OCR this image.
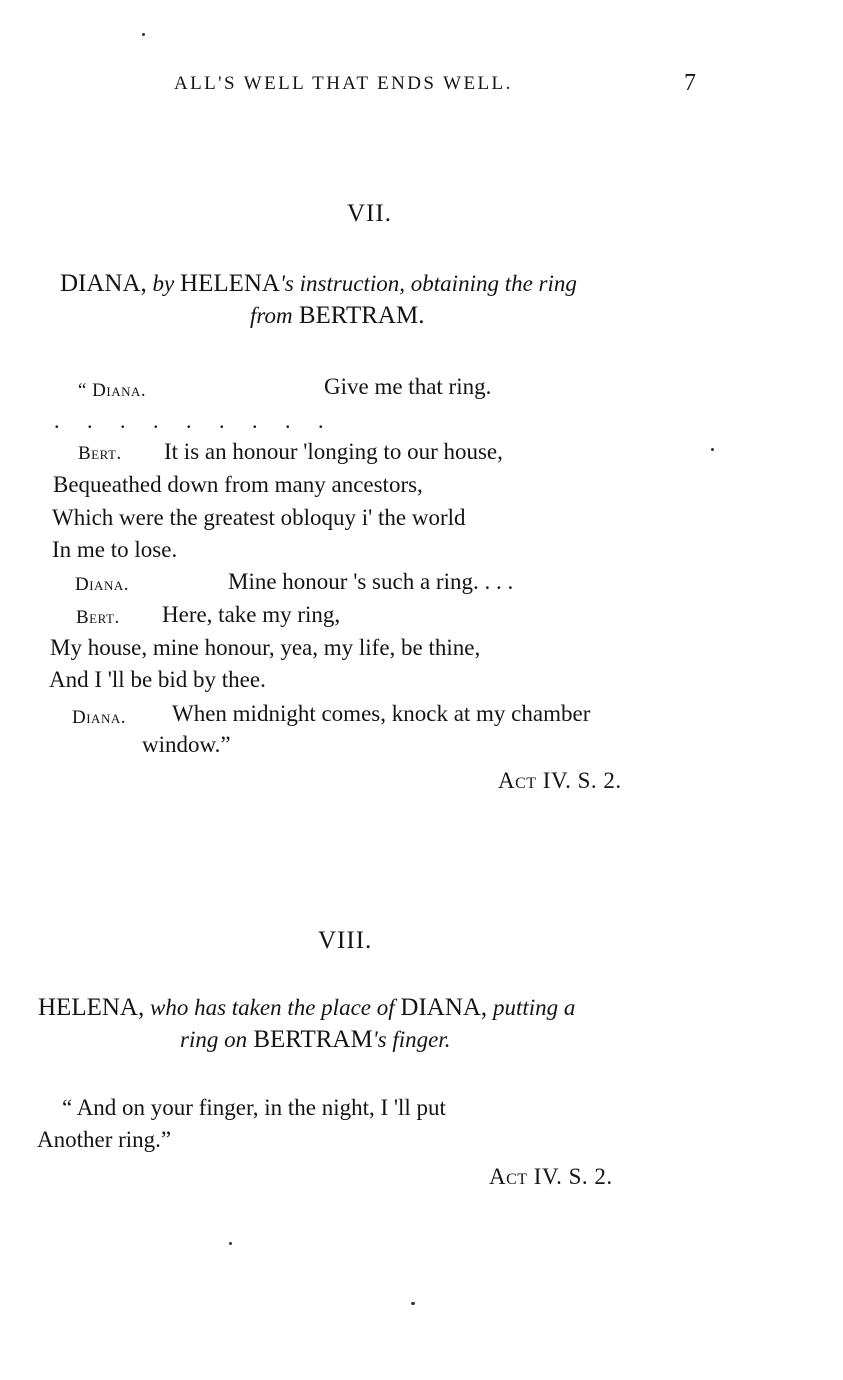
ALL'S WELL THAT ENDS WELL.	7
VII.
DIANA, by HELENA's instruction, obtaining the ring
from BERTRAM.
“ Diana.	Give me that ring.
. . . . . . . . .
Bert. It is an honour 'longing to our house,
Bequeathed down from many ancestors,
Which were the greatest obloquy i' the world
In me to lose.
Diana.	Mine honour 's such a ring. . . .
Bert. Here, take my ring,
My house, mine honour, yea, my life, be thine,
And I 'll be bid by thee.
Diana. When midnight comes, knock at my chamber
window.”
Act IV. S. 2.
VIII.
HELENA, who has taken the place of DIANA, putting a
ring on BERTRAM's finger.
“ And on your finger, in the night, I 'll put
Another ring.”
Act IV. S. 2.
